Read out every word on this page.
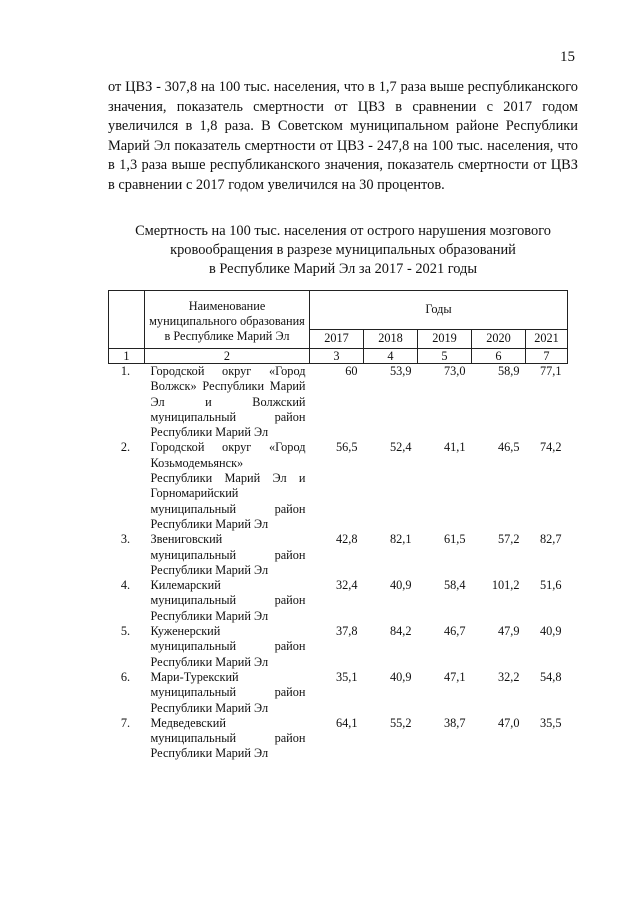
15

от ЦВЗ - 307,8 на 100 тыс. населения, что в 1,7 раза выше республиканского значения, показатель смертности от ЦВЗ в сравнении с 2017 годом увеличился в 1,8 раза. В Советском муниципальном районе Республики Марий Эл показатель смертности от ЦВЗ - 247,8 на 100 тыс. населения, что в 1,3 раза выше республиканского значения, показатель смертности от ЦВЗ в сравнении с 2017 годом увеличился на 30 процентов.

Смертность на 100 тыс. населения от острого нарушения мозгового
кровообращения в разрезе муниципальных образований
в Республике Марий Эл за 2017 - 2021 годы
	Наименование муниципального образования в Республике Марий Эл	Годы				
		2017	2018	2019	2020	2021
1	2	3	4	5	6	7
1.	Городской округ «Город Волжск» Республики Марий Эл и Волжский муниципальный район Республики Марий Эл	60	53,9	73,0	58,9	77,1
2.	Городской округ «Город Козьмодемьянск» Республики Марий Эл и Горномарийский муниципальный район Республики Марий Эл	56,5	52,4	41,1	46,5	74,2
3.	Звениговский муниципальный район Республики Марий Эл	42,8	82,1	61,5	57,2	82,7
4.	Килемарский муниципальный район Республики Марий Эл	32,4	40,9	58,4	101,2	51,6
5.	Куженерский муниципальный район Республики Марий Эл	37,8	84,2	46,7	47,9	40,9
6.	Мари-Турекский муниципальный район Республики Марий Эл	35,1	40,9	47,1	32,2	54,8
7.	Медведевский муниципальный район Республики Марий Эл	64,1	55,2	38,7	47,0	35,5
